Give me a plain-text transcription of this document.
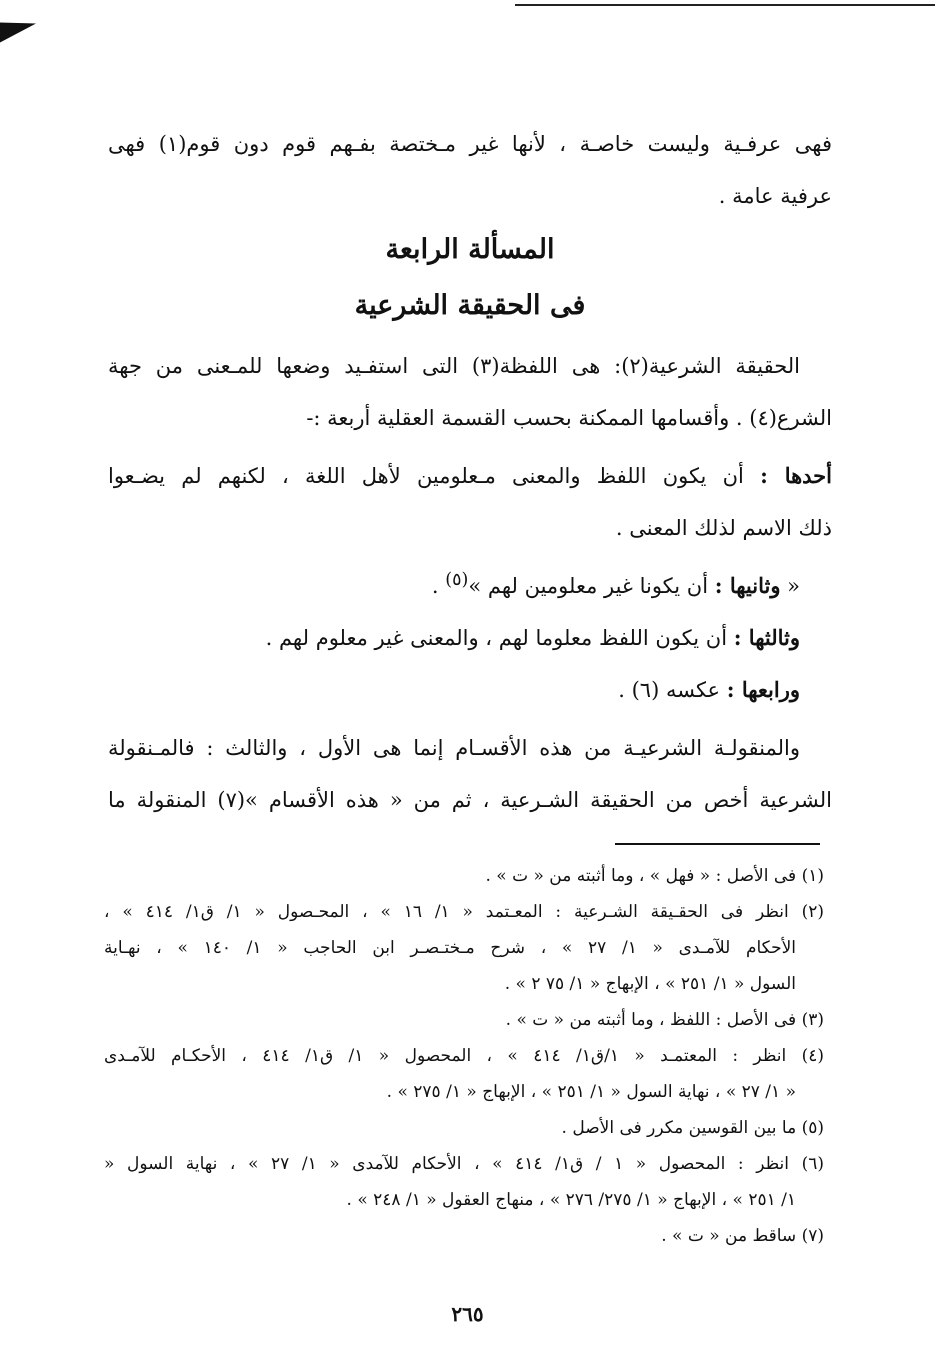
فهى عرفـية وليست خاصـة ، لأنها غير مـختصة بفـهم قوم دون قوم(١) فهى

عرفية عامة .

المسألة الرابعة
فى الحقيقة الشرعية

الحقيقة الشرعية(٢): هى اللفظة(٣) التى استفـيد وضعها للمـعنى من جهة

الشرع(٤) . وأقسامها الممكنة بحسب القسمة العقلية أربعة :-

أحدها : أن يكون اللفظ والمعنى مـعلومين لأهل اللغة ، لكنهم لم يضـعوا

ذلك الاسم لذلك المعنى .

« وثانيها : أن يكونا غير معلومين لهم »$^{(٥)}$ .

وثالثها : أن يكون اللفظ معلوما لهم ، والمعنى غير معلوم لهم .

ورابعها : عكسه (٦) .

والمنقولـة الشرعيـة من هذه الأقسـام إنما هى الأول ، والثالث : فالمـنقولة

الشرعية أخص من الحقيقة الشـرعية ، ثم من « هذه الأقسام »(٧) المنقولة ما

(١) فى الأصل : « فهل » ، وما أثبته من « ت » .

(٢) انظر فى الحقـيقة الشـرعية : المعـتمد « ١/ ١٦ » ، المحـصول « ١/ ق١/ ٤١٤ » ،

الأحكام للآمـدى « ١/ ٢٧ » ، شرح مـختـصـر ابن الحاجب « ١/ ١٤٠ » ، نهـاية

السول « ١/ ٢٥١ » ، الإبهاج « ١/ ٧٥ ٢ » .

(٣) فى الأصل : اللفظ ، وما أثبته من « ت » .

(٤) انظر : المعتمـد « ١/ق١/ ٤١٤ » ، المحصول « ١/ ق١/ ٤١٤ ، الأحكـام للآمـدى

« ١/ ٢٧ » ، نهاية السول « ١/ ٢٥١ » ، الإبهاج « ١/ ٢٧٥ » .

(٥) ما بين القوسين مكرر فى الأصل .

(٦) انظر : المحصول « ١ / ق١/ ٤١٤ » ، الأحكام للآمدى « ١/ ٢٧ » ، نهاية السول «

١/ ٢٥١ » ، الإبهاج « ١/ ٢٧٥/ ٢٧٦ » ، منهاج العقول « ١/ ٢٤٨ » .

(٧) ساقط من « ت » .

٢٦٥
